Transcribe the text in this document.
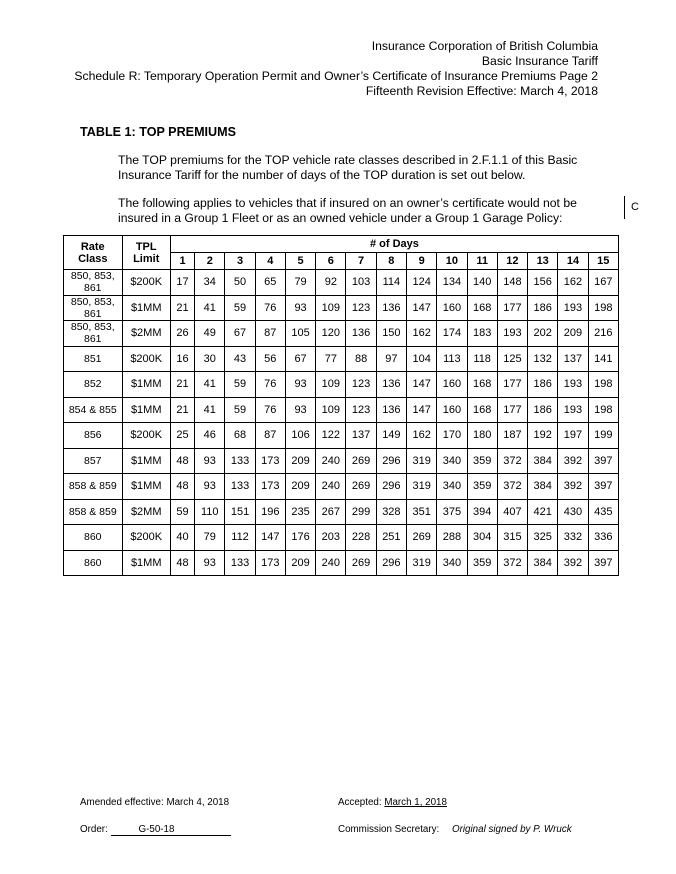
Insurance Corporation of British Columbia
Basic Insurance Tariff
Schedule R: Temporary Operation Permit and Owner’s Certificate of Insurance Premiums Page 2
Fifteenth Revision Effective: March 4, 2018
TABLE 1: TOP PREMIUMS
The TOP premiums for the TOP vehicle rate classes described in 2.F.1.1 of this Basic Insurance Tariff for the number of days of the TOP duration is set out below.
The following applies to vehicles that if insured on an owner’s certificate would not be insured in a Group 1 Fleet or as an owned vehicle under a Group 1 Garage Policy:
C
Rate Class	TPL Limit	# of Days														
		1	2	3	4	5	6	7	8	9	10	11	12	13	14	15
850, 853, 861	$200K	17	34	50	65	79	92	103	114	124	134	140	148	156	162	167
850, 853, 861	$1MM	21	41	59	76	93	109	123	136	147	160	168	177	186	193	198
850, 853, 861	$2MM	26	49	67	87	105	120	136	150	162	174	183	193	202	209	216
851	$200K	16	30	43	56	67	77	88	97	104	113	118	125	132	137	141
852	$1MM	21	41	59	76	93	109	123	136	147	160	168	177	186	193	198
854 & 855	$1MM	21	41	59	76	93	109	123	136	147	160	168	177	186	193	198
856	$200K	25	46	68	87	106	122	137	149	162	170	180	187	192	197	199
857	$1MM	48	93	133	173	209	240	269	296	319	340	359	372	384	392	397
858 & 859	$1MM	48	93	133	173	209	240	269	296	319	340	359	372	384	392	397
858 & 859	$2MM	59	110	151	196	235	267	299	328	351	375	394	407	421	430	435
860	$200K	40	79	112	147	176	203	228	251	269	288	304	315	325	332	336
860	$1MM	48	93	133	173	209	240	269	296	319	340	359	372	384	392	397
Amended effective: March 4, 2018	Accepted: March 1, 2018
Order:	G-50-18	Commission Secretary: Original signed by P. Wruck
